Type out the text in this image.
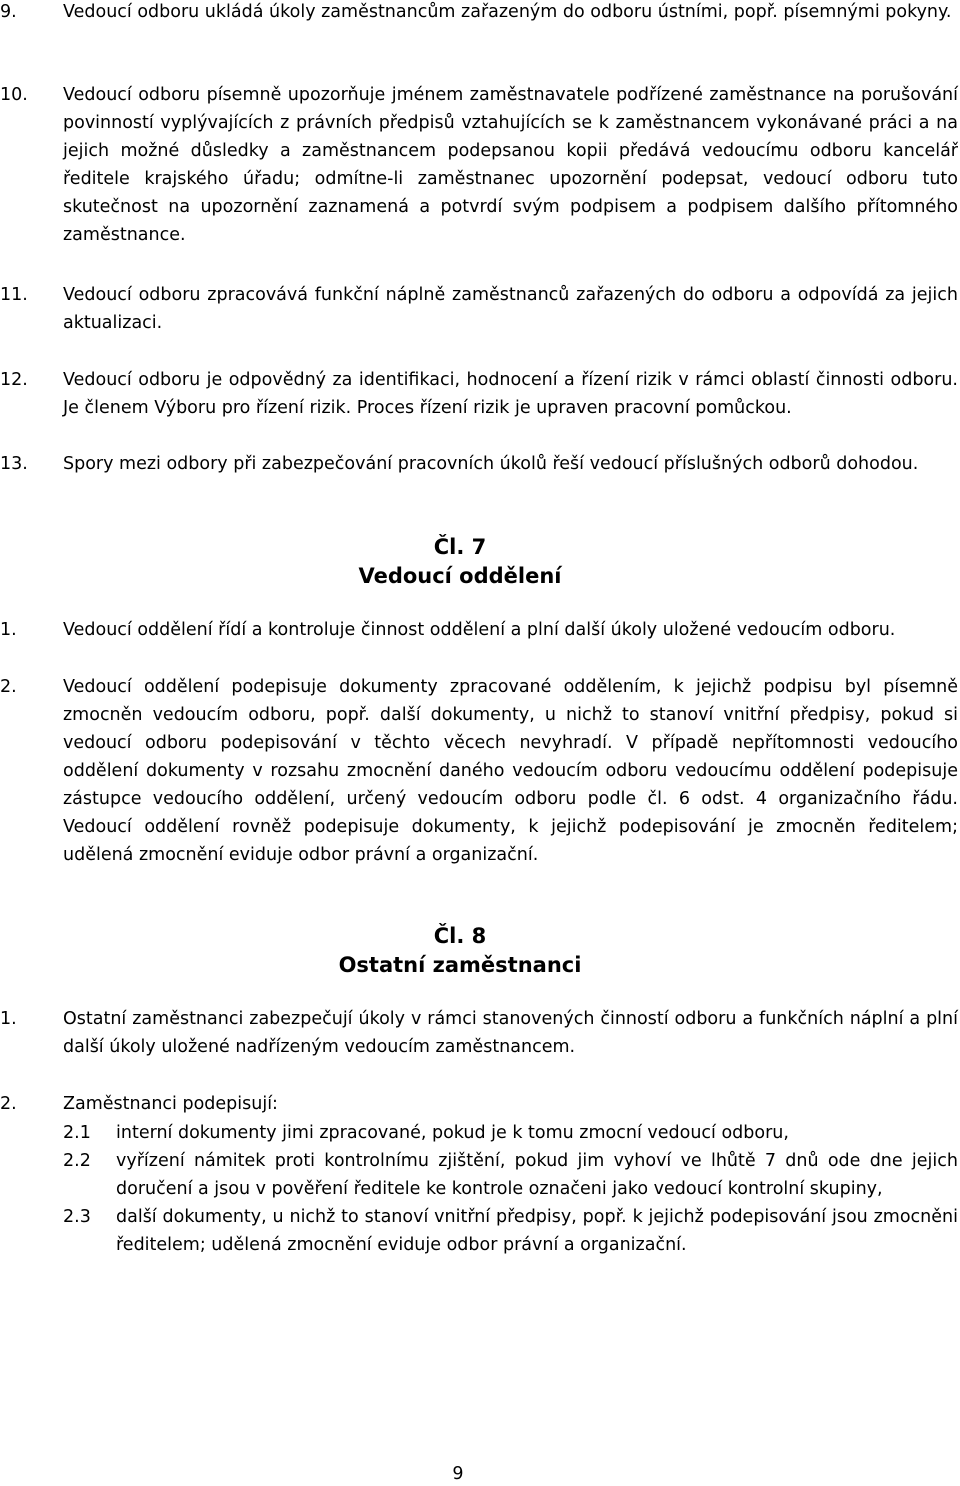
9.	Vedoucí odboru ukládá úkoly zaměstnancům zařazeným do odboru ústními, popř. písemnými pokyny.
10.	Vedoucí odboru písemně upozorňuje jménem zaměstnavatele podřízené zaměstnance na porušování povinností vyplývajících z právních předpisů vztahujících se k zaměstnancem vykonávané práci a na jejich možné důsledky a zaměstnancem podepsanou kopii předává vedoucímu odboru kancelář ředitele krajského úřadu; odmítne-li zaměstnanec upozornění podepsat, vedoucí odboru tuto skutečnost na upozornění zaznamená a potvrdí svým podpisem a podpisem dalšího přítomného zaměstnance.
11.	Vedoucí odboru zpracovává funkční náplně zaměstnanců zařazených do odboru a odpovídá za jejich aktualizaci.
12.	Vedoucí odboru je odpovědný za identifikaci, hodnocení a řízení rizik v rámci oblastí činnosti odboru. Je členem Výboru pro řízení rizik. Proces řízení rizik je upraven pracovní pomůckou.
13.	Spory mezi odbory při zabezpečování pracovních úkolů řeší vedoucí příslušných odborů dohodou.
Čl. 7
Vedoucí oddělení
1.	Vedoucí oddělení řídí a kontroluje činnost oddělení a plní další úkoly uložené vedoucím odboru.
2.	Vedoucí oddělení podepisuje dokumenty zpracované oddělením, k jejichž podpisu byl písemně zmocněn vedoucím odboru, popř. další dokumenty, u nichž to stanoví vnitřní předpisy, pokud si vedoucí odboru podepisování v těchto věcech nevyhradí. V případě nepřítomnosti vedoucího oddělení dokumenty v rozsahu zmocnění daného vedoucím odboru vedoucímu oddělení podepisuje zástupce vedoucího oddělení, určený vedoucím odboru podle čl. 6 odst. 4 organizačního řádu. Vedoucí oddělení rovněž podepisuje dokumenty, k jejichž podepisování je zmocněn ředitelem; udělená zmocnění eviduje odbor právní a organizační.
Čl. 8
Ostatní zaměstnanci
1.	Ostatní zaměstnanci zabezpečují úkoly v rámci stanovených činností odboru a funkčních náplní a plní další úkoly uložené nadřízeným vedoucím zaměstnancem.
2.	Zaměstnanci podepisují:
2.1	interní dokumenty jimi zpracované, pokud je k tomu zmocní vedoucí odboru,
2.2	vyřízení námitek proti kontrolnímu zjištění, pokud jim vyhoví ve lhůtě 7 dnů ode dne jejich doručení a jsou v pověření ředitele ke kontrole označeni jako vedoucí kontrolní skupiny,
2.3	další dokumenty, u nichž to stanoví vnitřní předpisy, popř. k jejichž podepisování jsou zmocněni ředitelem; udělená zmocnění eviduje odbor právní a organizační.
9
